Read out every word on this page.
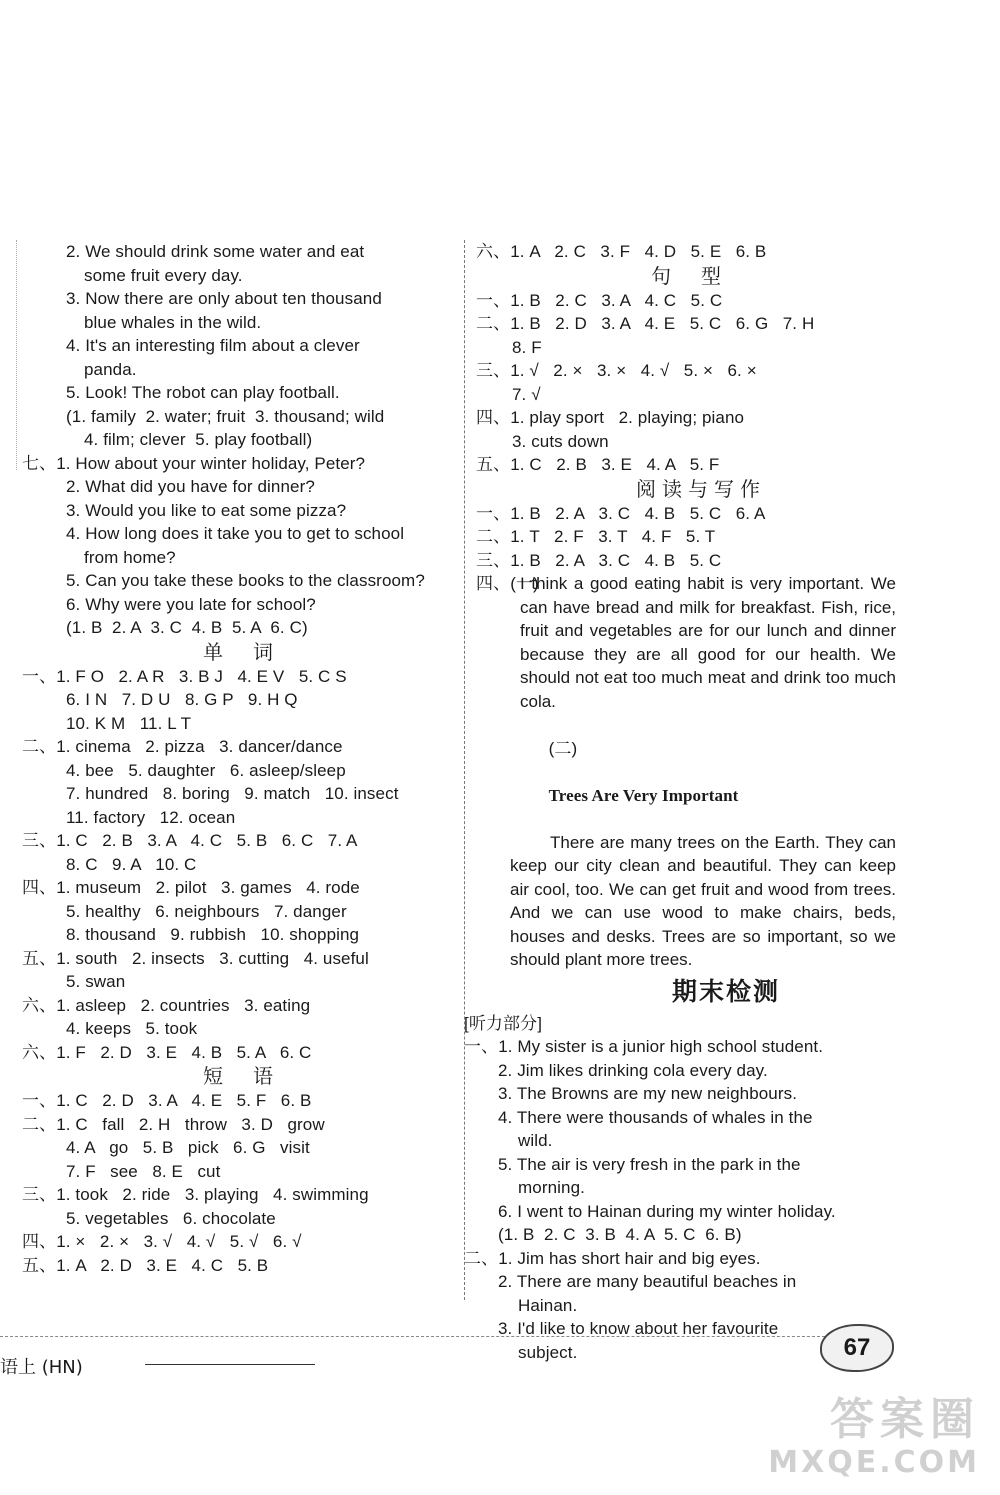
2. We should drink some water and eat
some fruit every day.
3. Now there are only about ten thousand
blue whales in the wild.
4. It's an interesting film about a clever
panda.
5. Look! The robot can play football.
(1. family  2. water; fruit  3. thousand; wild
4. film; clever  5. play football)
七、1. How about your winter holiday, Peter?
2. What did you have for dinner?
3. Would you like to eat some pizza?
4. How long does it take you to get to school
from home?
5. Can you take these books to the classroom?
6. Why were you late for school?
(1. B  2. A  3. C  4. B  5. A  6. C)
单词
一、1. F O   2. A R   3. B J   4. E V   5. C S
6. I N   7. D U   8. G P   9. H Q
10. K M   11. L T
二、1. cinema   2. pizza   3. dancer/dance
4. bee   5. daughter   6. asleep/sleep
7. hundred   8. boring   9. match   10. insect
11. factory   12. ocean
三、1. C   2. B   3. A   4. C   5. B   6. C   7. A
8. C   9. A   10. C
四、1. museum   2. pilot   3. games   4. rode
5. healthy   6. neighbours   7. danger
8. thousand   9. rubbish   10. shopping
五、1. south   2. insects   3. cutting   4. useful
5. swan
六、1. asleep   2. countries   3. eating
4. keeps   5. took
六、1. F   2. D   3. E   4. B   5. A   6. C
短语
一、1. C   2. D   3. A   4. E   5. F   6. B
二、1. C   fall   2. H   throw   3. D   grow
4. A   go   5. B   pick   6. G   visit
7. F   see   8. E   cut
三、1. took   2. ride   3. playing   4. swimming
5. vegetables   6. chocolate
四、1. ×   2. ×   3. √   4. √   5. √   6. √
五、1. A   2. D   3. E   4. C   5. B
六、1. A   2. C   3. F   4. D   5. E   6. B
句型
一、1. B   2. C   3. A   4. C   5. C
二、1. B   2. D   3. A   4. E   5. C   6. G   7. H
8. F
三、1. √   2. ×   3. ×   4. √   5. ×   6. ×
7. √
四、1. play sport   2. playing; piano
3. cuts down
五、1. C   2. B   3. E   4. A   5. F
阅读与写作
一、1. B   2. A   3. C   4. B   5. C   6. A
二、1. T   2. F   3. T   4. F   5. T
三、1. B   2. A   3. C   4. B   5. C
四、(一)

I think a good eating habit is very important. We can have bread and milk for breakfast. Fish, rice, fruit and vegetables are for our lunch and dinner because they are all good for our health. We should not eat too much meat and drink too much cola.

(二)

Trees Are Very Important

There are many trees on the Earth. They can keep our city clean and beautiful. They can keep air cool, too. We can get fruit and wood from trees. And we can use wood to make chairs, beds, houses and desks. Trees are so important, so we should plant more trees.

期末检测
[听力部分]
一、1. My sister is a junior high school student.
2. Jim likes drinking cola every day.
3. The Browns are my new neighbours.
4. There were thousands of whales in the
wild.
5. The air is very fresh in the park in the
morning.
6. I went to Hainan during my winter holiday.
(1. B  2. C  3. B  4. A  5. C  6. B)
二、1. Jim has short hair and big eyes.
2. There are many beautiful beaches in
Hainan.
3. I'd like to know about her favourite
subject.
语上 (HN)
67
答案圈
MXQE.COM
